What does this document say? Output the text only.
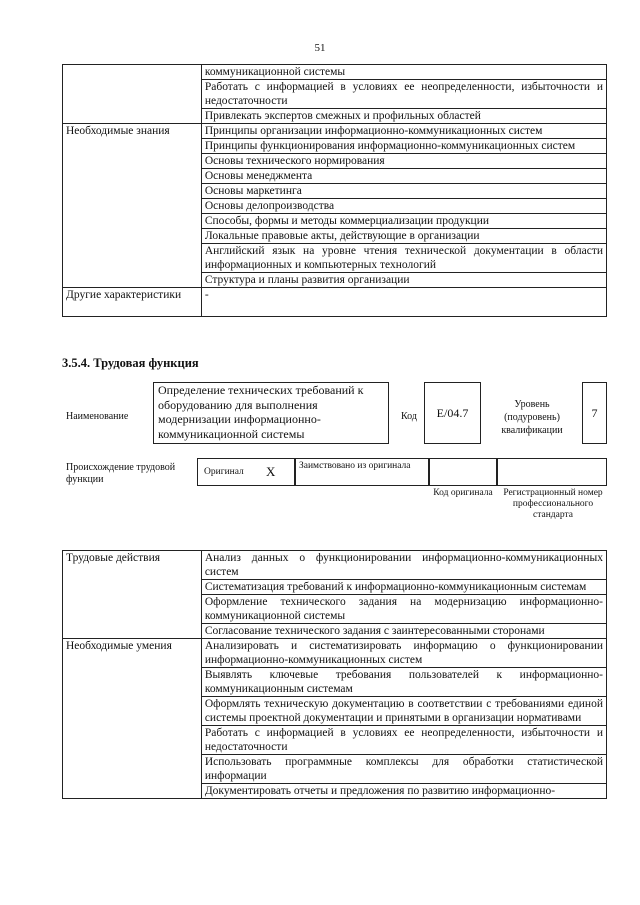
51
	коммуникационной системы
	Работать с информацией в условиях ее неопределенности, избыточности и недостаточности
	Привлекать экспертов смежных и профильных областей
Необходимые знания	Принципы организации информационно-коммуникационных систем
	Принципы функционирования информационно-коммуникационных систем
	Основы технического нормирования
	Основы менеджмента
	Основы маркетинга
	Основы делопроизводства
	Способы, формы и методы коммерциализации продукции
	Локальные правовые акты, действующие в организации
	Английский язык на уровне чтения технической документации в области информационных и компьютерных технологий
	Структура и планы развития организации
Другие характеристики	-
3.5.4. Трудовая функция
Наименование
Определение технических требований к оборудованию для выполнения модернизации информационно-коммуникационной системы
Код	E/04.7
Уровень (подуровень) квалификации
7
Происхождение трудовой функции
Оригинал X	Заимствовано из оригинала
Код оригинала	Регистрационный номер профессионального стандарта
Трудовые действия	Анализ данных о функционировании информационно-коммуникационных систем
	Систематизация требований к информационно-коммуникационным системам
	Оформление технического задания на модернизацию информационно-коммуникационной системы
	Согласование технического задания с заинтересованными сторонами
Необходимые умения	Анализировать и систематизировать информацию о функционировании информационно-коммуникационных систем
	Выявлять ключевые требования пользователей к информационно-коммуникационным системам
	Оформлять техническую документацию в соответствии с требованиями единой системы проектной документации и принятыми в организации нормативами
	Работать с информацией в условиях ее неопределенности, избыточности и недостаточности
	Использовать программные комплексы для обработки статистической информации
	Документировать отчеты и предложения по развитию информационно-
